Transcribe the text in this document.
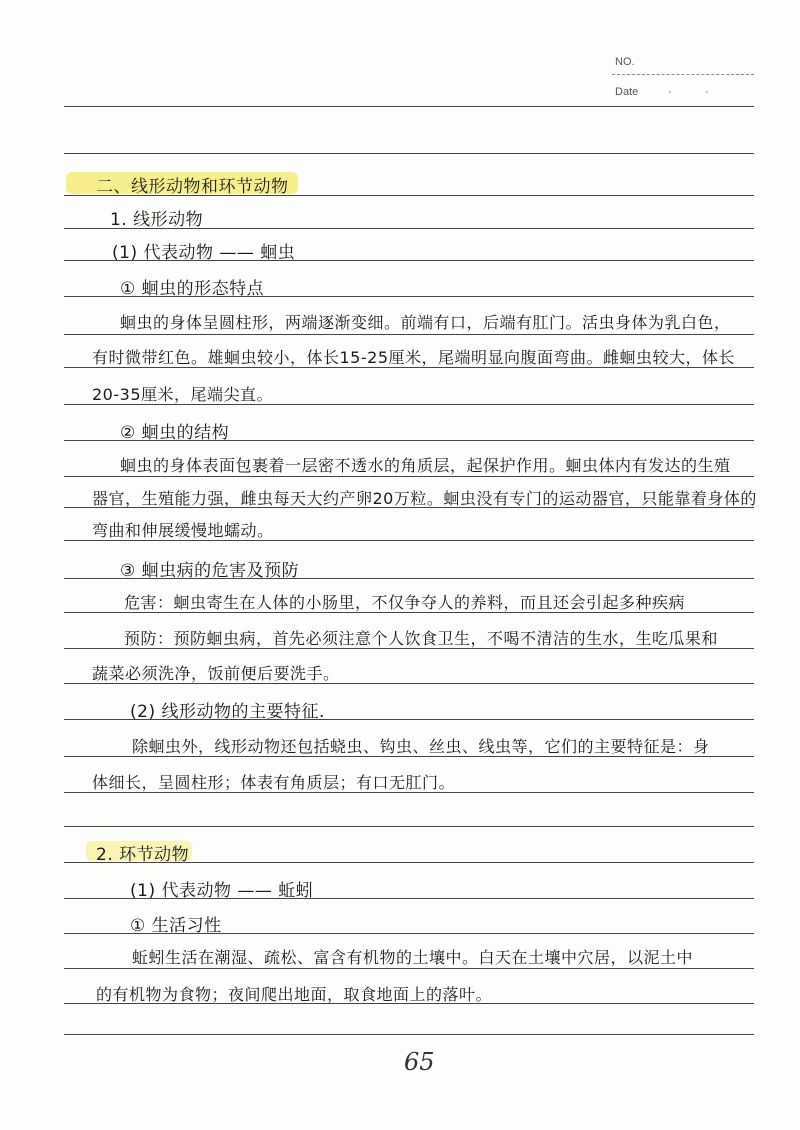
NO.
Date	·	·
二、线形动物和环节动物
1. 线形动物
(1) 代表动物 —— 蛔虫
① 蛔虫的形态特点
蛔虫的身体呈圆柱形，两端逐渐变细。前端有口，后端有肛门。活虫身体为乳白色，
有时微带红色。雄蛔虫较小，体长15-25厘米，尾端明显向腹面弯曲。雌蛔虫较大，体长
20-35厘米，尾端尖直。
② 蛔虫的结构
蛔虫的身体表面包裹着一层密不透水的角质层，起保护作用。蛔虫体内有发达的生殖
器官，生殖能力强，雌虫每天大约产卵20万粒。蛔虫没有专门的运动器官，只能靠着身体的
弯曲和伸展缓慢地蠕动。
③ 蛔虫病的危害及预防
危害：蛔虫寄生在人体的小肠里，不仅争夺人的养料，而且还会引起多种疾病
预防：预防蛔虫病，首先必须注意个人饮食卫生，不喝不清洁的生水，生吃瓜果和
蔬菜必须洗净，饭前便后要洗手。
(2) 线形动物的主要特征.
除蛔虫外，线形动物还包括蛲虫、钩虫、丝虫、线虫等，它们的主要特征是：身
体细长，呈圆柱形；体表有角质层；有口无肛门。
2. 环节动物
(1) 代表动物 —— 蚯蚓
① 生活习性
蚯蚓生活在潮湿、疏松、富含有机物的土壤中。白天在土壤中穴居，以泥土中
的有机物为食物；夜间爬出地面，取食地面上的落叶。
65
